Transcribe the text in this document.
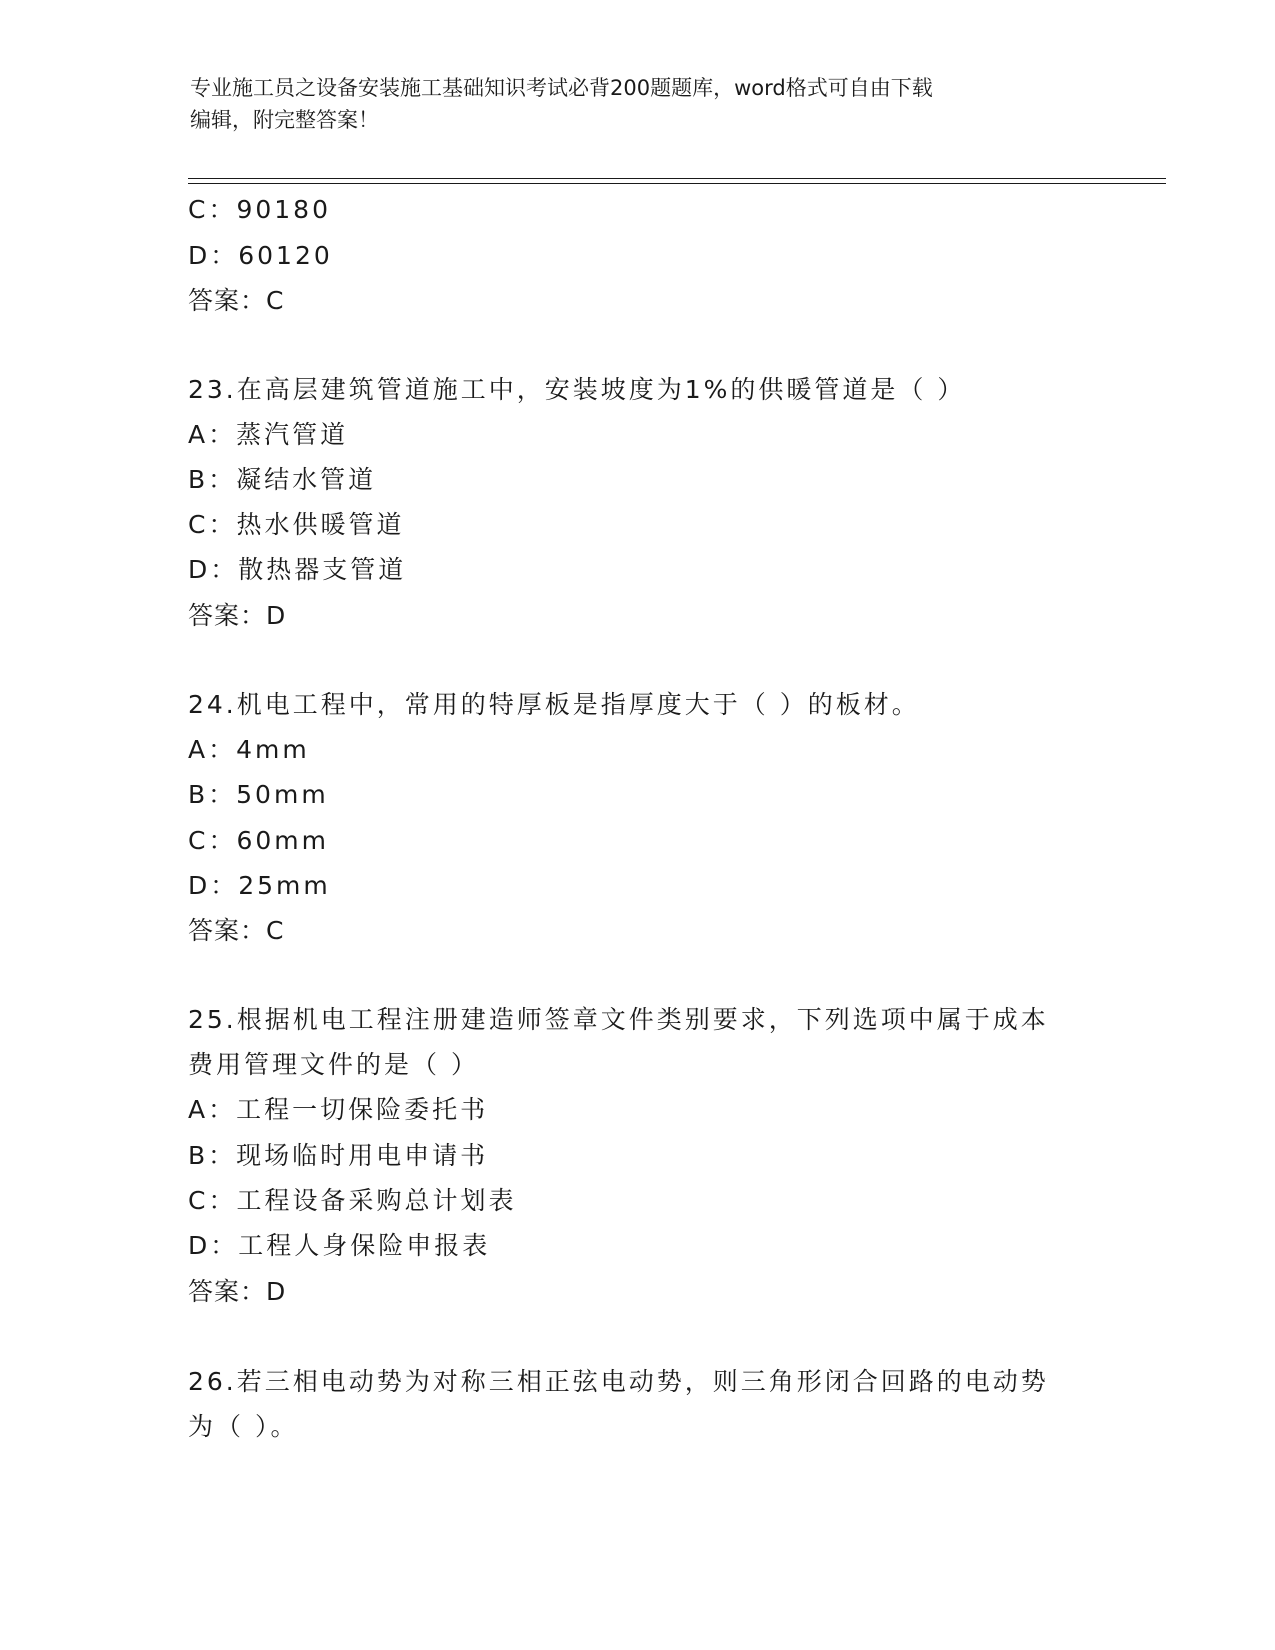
专业施工员之设备安装施工基础知识考试必背200题题库，word格式可自由下载
编辑，附完整答案！
C：90180
D：60120
答案：C
23.在高层建筑管道施工中，安装坡度为1%的供暖管道是（ ）
A：蒸汽管道
B：凝结水管道
C：热水供暖管道
D：散热器支管道
答案：D
24.机电工程中，常用的特厚板是指厚度大于（ ）的板材。
A：4mm
B：50mm
C：60mm
D：25mm
答案：C
25.根据机电工程注册建造师签章文件类别要求，下列选项中属于成本
费用管理文件的是（ ）
A：工程一切保险委托书
B：现场临时用电申请书
C：工程设备采购总计划表
D：工程人身保险申报表
答案：D
26.若三相电动势为对称三相正弦电动势，则三角形闭合回路的电动势
为（ ）。
